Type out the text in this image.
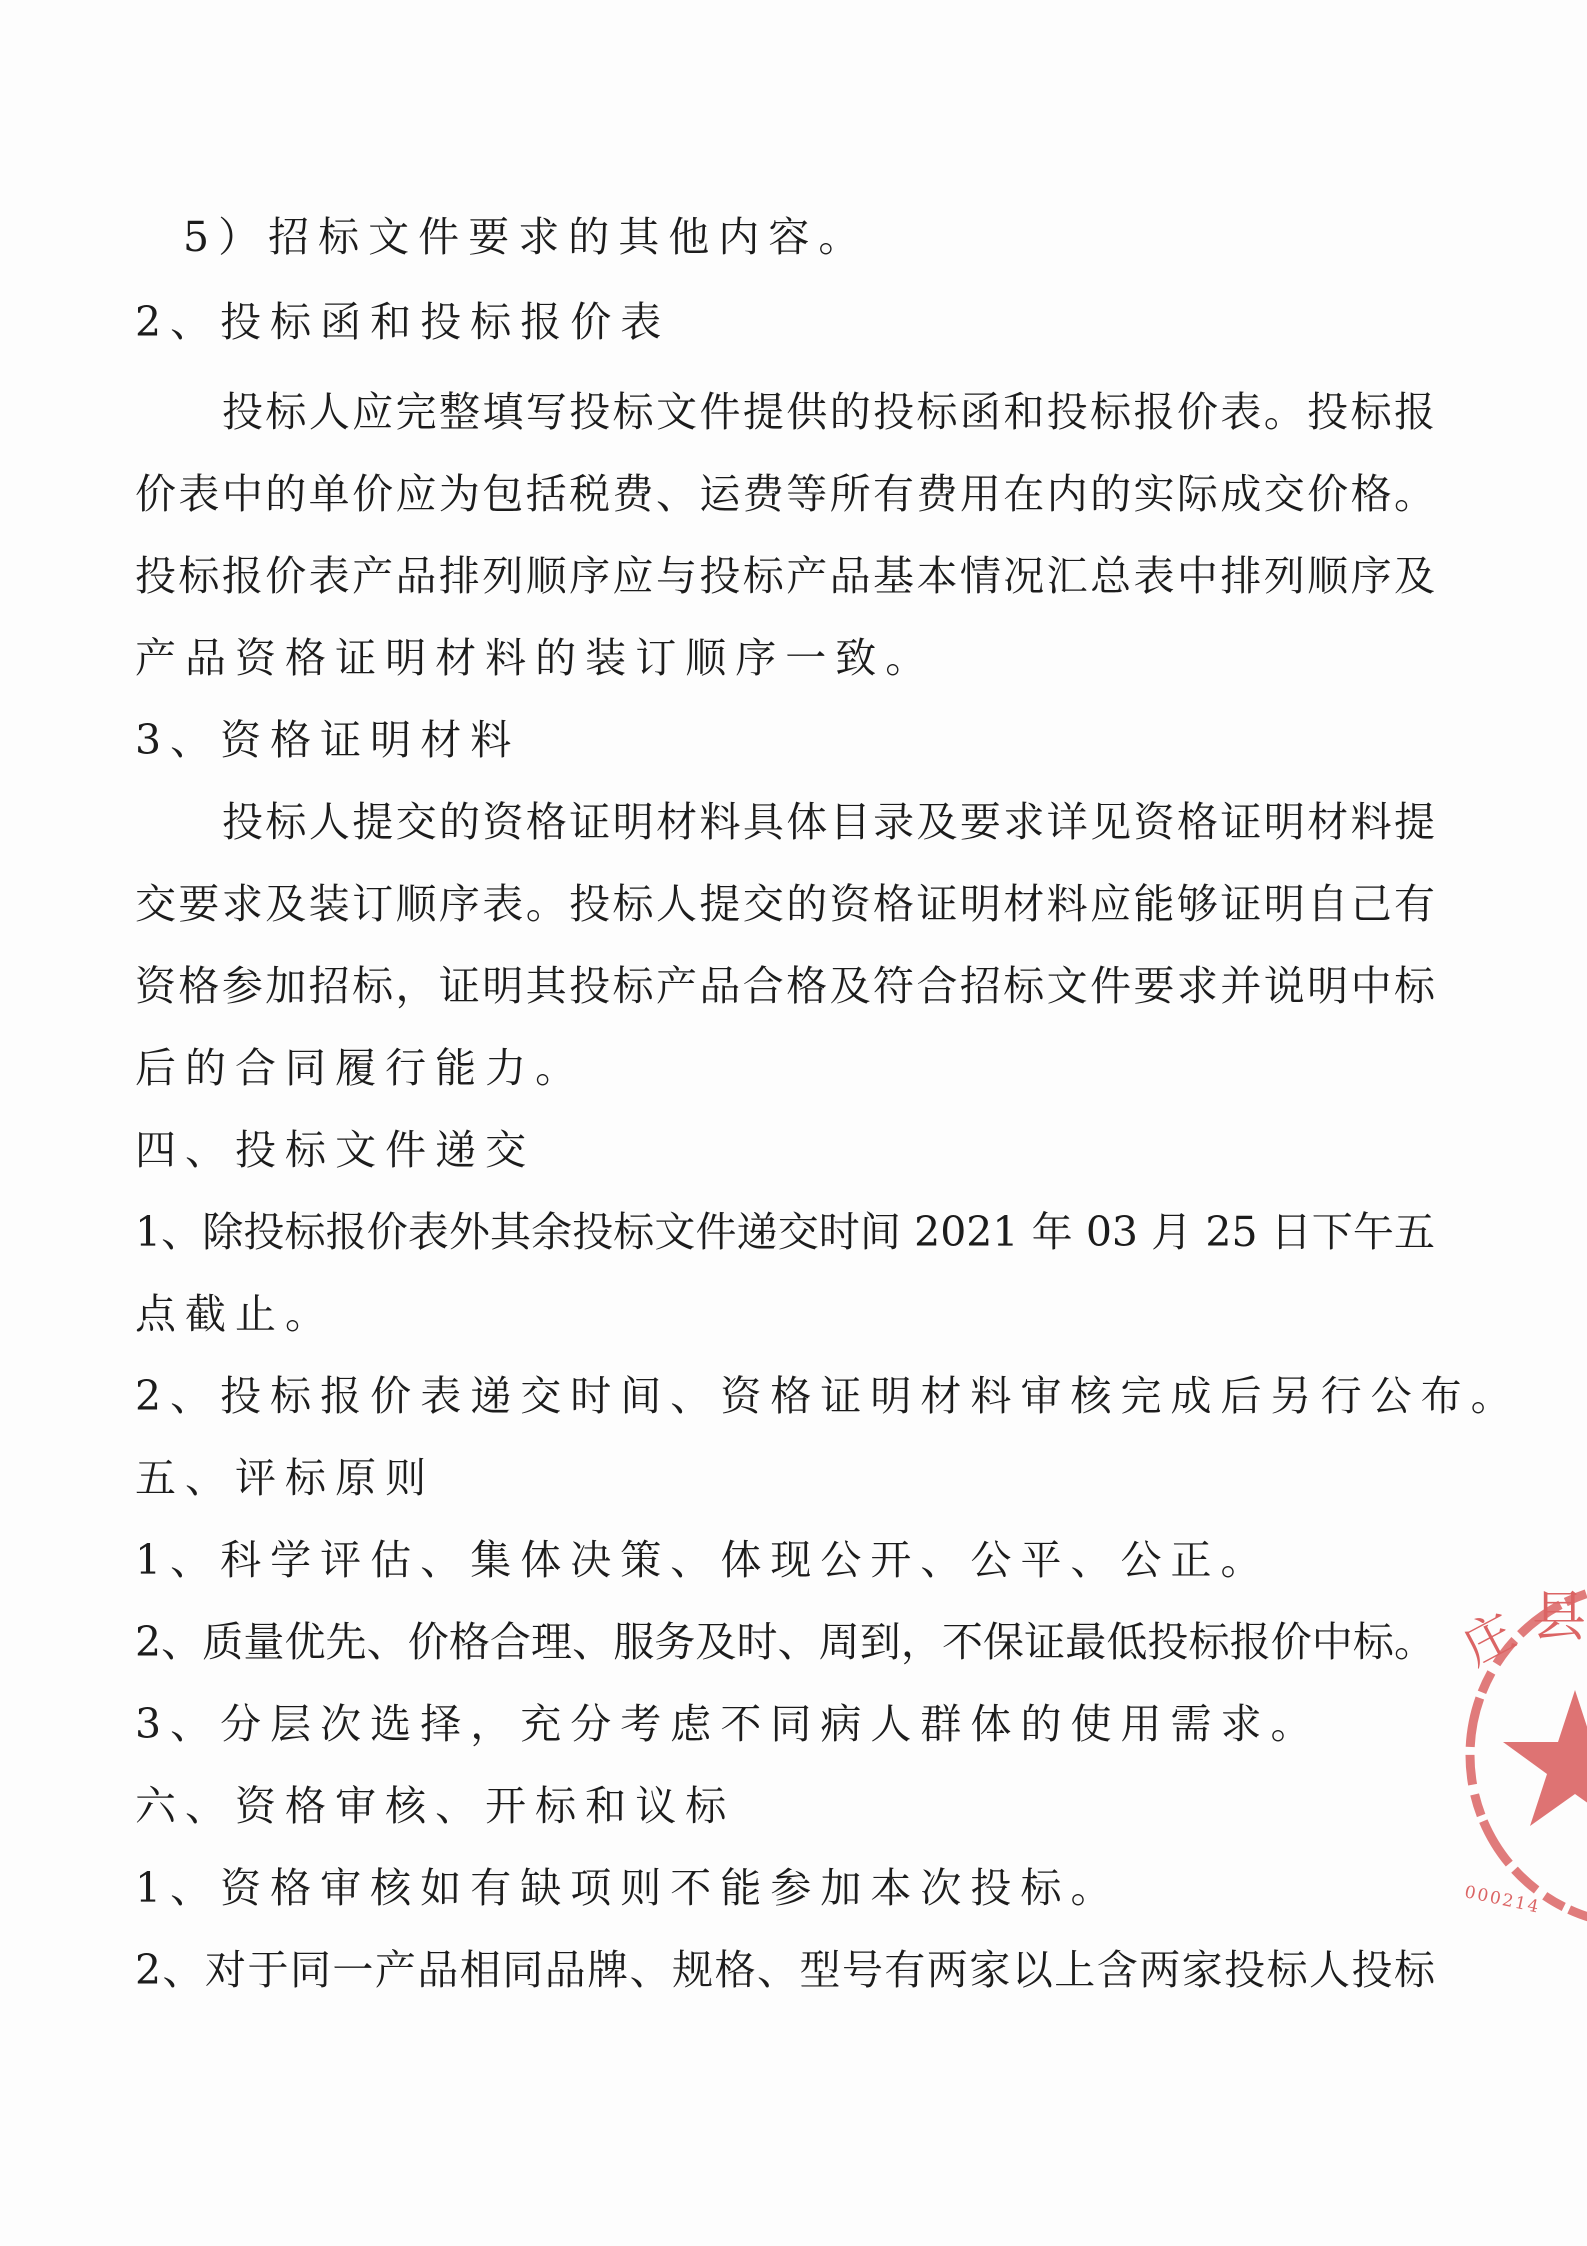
5）招标文件要求的其他内容。
2、投标函和投标报价表
投标人应完整填写投标文件提供的投标函和投标报价表。投标报
价表中的单价应为包括税费、运费等所有费用在内的实际成交价格。
投标报价表产品排列顺序应与投标产品基本情况汇总表中排列顺序及
产品资格证明材料的装订顺序一致。
3、资格证明材料
投标人提交的资格证明材料具体目录及要求详见资格证明材料提
交要求及装订顺序表。投标人提交的资格证明材料应能够证明自己有
资格参加招标，证明其投标产品合格及符合招标文件要求并说明中标
后的合同履行能力。
四、投标文件递交
1、除投标报价表外其余投标文件递交时间 2021 年 03 月 25 日下午五
点截止。
2、投标报价表递交时间、资格证明材料审核完成后另行公布。
五、评标原则
1、科学评估、集体决策、体现公开、公平、公正。
2、质量优先、价格合理、服务及时、周到，不保证最低投标报价中标。
3、分层次选择，充分考虑不同病人群体的使用需求。
六、资格审核、开标和议标
1、资格审核如有缺项则不能参加本次投标。
2、对于同一产品相同品牌、规格、型号有两家以上含两家投标人投标
庄 县
000214
